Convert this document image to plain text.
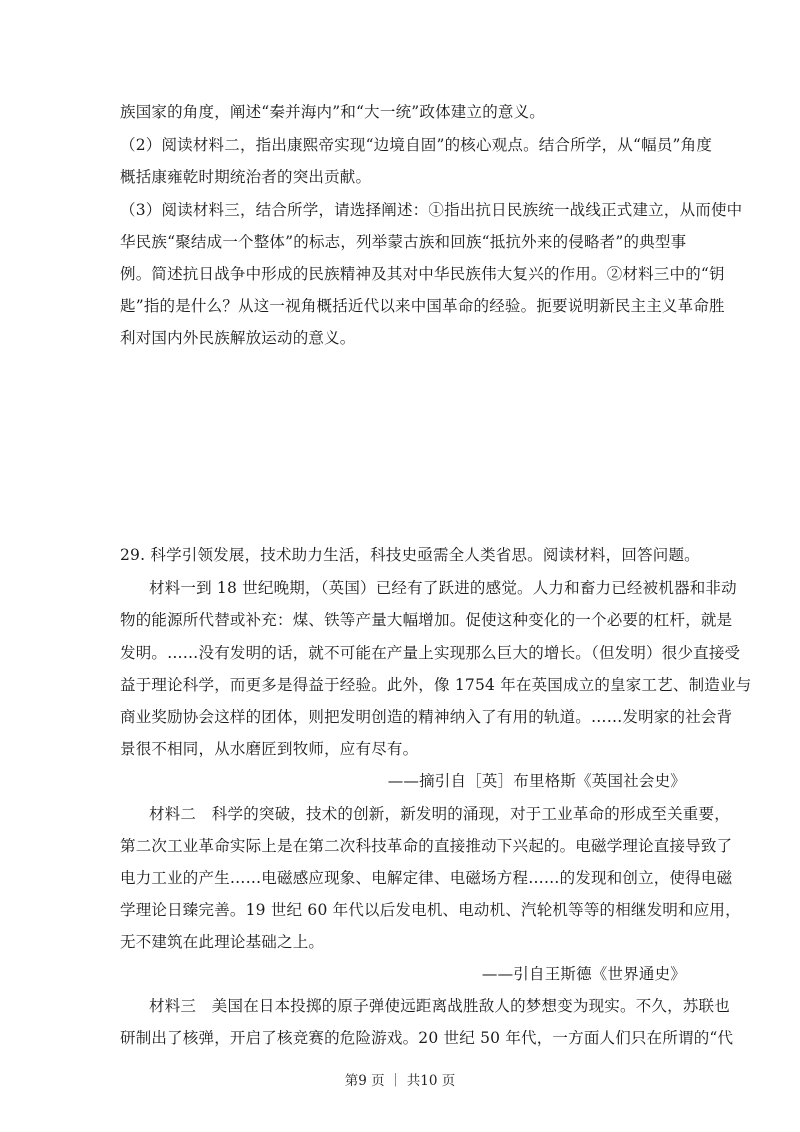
族国家的角度，阐述“秦并海内”和“大一统”政体建立的意义。
（2）阅读材料二，指出康熙帝实现“边境自固”的核心观点。结合所学，从“幅员”角度
概括康雍乾时期统治者的突出贡献。
（3）阅读材料三，结合所学，请选择阐述：①指出抗日民族统一战线正式建立，从而使中
华民族“聚结成一个整体”的标志，列举蒙古族和回族“抵抗外来的侵略者”的典型事
例。简述抗日战争中形成的民族精神及其对中华民族伟大复兴的作用。②材料三中的“钥
匙”指的是什么？从这一视角概括近代以来中国革命的经验。扼要说明新民主主义革命胜
利对国内外民族解放运动的意义。
29. 科学引领发展，技术助力生活，科技史亟需全人类省思。阅读材料，回答问题。
材料一到 18 世纪晚期，（英国）已经有了跃进的感觉。人力和畜力已经被机器和非动
物的能源所代替或补充：煤、铁等产量大幅增加。促使这种变化的一个必要的杠杆，就是
发明。……没有发明的话，就不可能在产量上实现那么巨大的增长。（但发明）很少直接受
益于理论科学，而更多是得益于经验。此外，像 1754 年在英国成立的皇家工艺、制造业与
商业奖励协会这样的团体，则把发明创造的精神纳入了有用的轨道。……发明家的社会背
景很不相同，从水磨匠到牧师，应有尽有。
——摘引自［英］布里格斯《英国社会史》
材料二　科学的突破，技术的创新，新发明的涌现，对于工业革命的形成至关重要，
第二次工业革命实际上是在第二次科技革命的直接推动下兴起的。电磁学理论直接导致了
电力工业的产生……电磁感应现象、电解定律、电磁场方程……的发现和创立，使得电磁
学理论日臻完善。19 世纪 60 年代以后发电机、电动机、汽轮机等等的相继发明和应用，
无不建筑在此理论基础之上。
——引自王斯德《世界通史》
材料三　美国在日本投掷的原子弹使远距离战胜敌人的梦想变为现实。不久，苏联也
研制出了核弹，开启了核竞赛的危险游戏。20 世纪 50 年代，一方面人们只在所谓的“代
第9 页 ｜ 共10 页
